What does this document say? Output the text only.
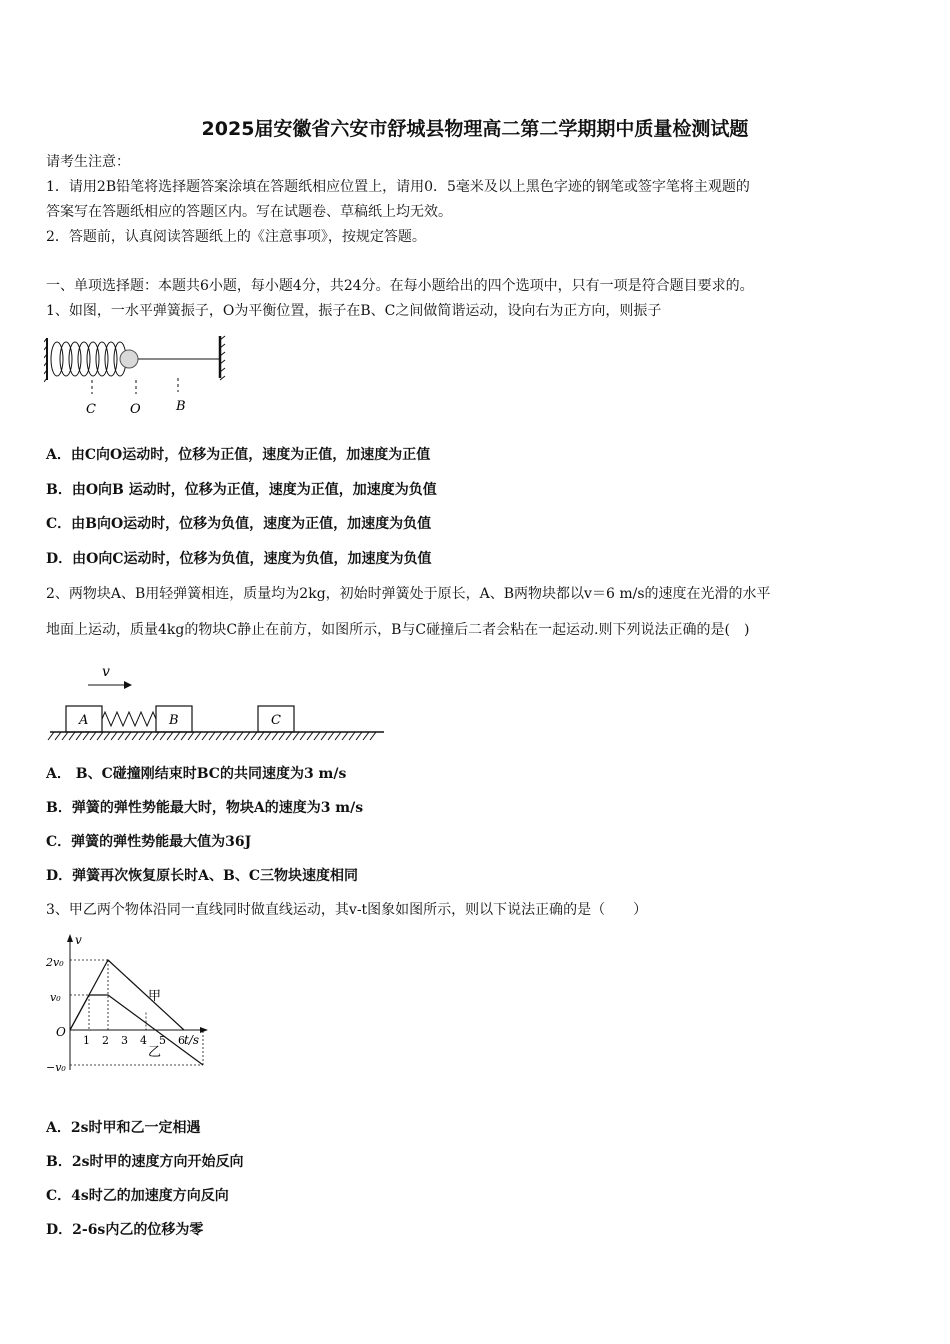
2025届安徽省六安市舒城县物理高二第二学期期中质量检测试题
请考生注意：
1．请用2B铅笔将选择题答案涂填在答题纸相应位置上，请用0．5毫米及以上黑色字迹的钢笔或签字笔将主观题的
答案写在答题纸相应的答题区内。写在试题卷、草稿纸上均无效。
2．答题前，认真阅读答题纸上的《注意事项》，按规定答题。
一、单项选择题：本题共6小题，每小题4分，共24分。在每小题给出的四个选项中，只有一项是符合题目要求的。
1、如图，一水平弹簧振子，O为平衡位置，振子在B、C之间做简谐运动，设向右为正方向，则振子
C	O	B
A．由C向O运动时，位移为正值，速度为正值，加速度为正值
B．由O向B 运动时，位移为正值，速度为正值，加速度为负值
C．由B向O运动时，位移为负值，速度为正值，加速度为负值
D．由O向C运动时，位移为负值，速度为负值，加速度为负值
2、两物块A、B用轻弹簧相连，质量均为2kg，初始时弹簧处于原长，A、B两物块都以v＝6 m/s的速度在光滑的水平
地面上运动，质量4kg的物块C静止在前方，如图所示，B与C碰撞后二者会粘在一起运动.则下列说法正确的是(　)
v
A	B	C
A． B、C碰撞刚结束时BC的共同速度为3 m/s
B．弹簧的弹性势能最大时，物块A的速度为3 m/s
C．弹簧的弹性势能最大值为36J
D．弹簧再次恢复原长时A、B、C三物块速度相同
3、甲乙两个物体沿同一直线同时做直线运动，其v-t图象如图所示，则以下说法正确的是（　　）
v
t/s
O
2v₀
v₀
−v₀
1 2 3 4 5 6
甲
乙
A．2s时甲和乙一定相遇
B．2s时甲的速度方向开始反向
C．4s时乙的加速度方向反向
D．2-6s内乙的位移为零
